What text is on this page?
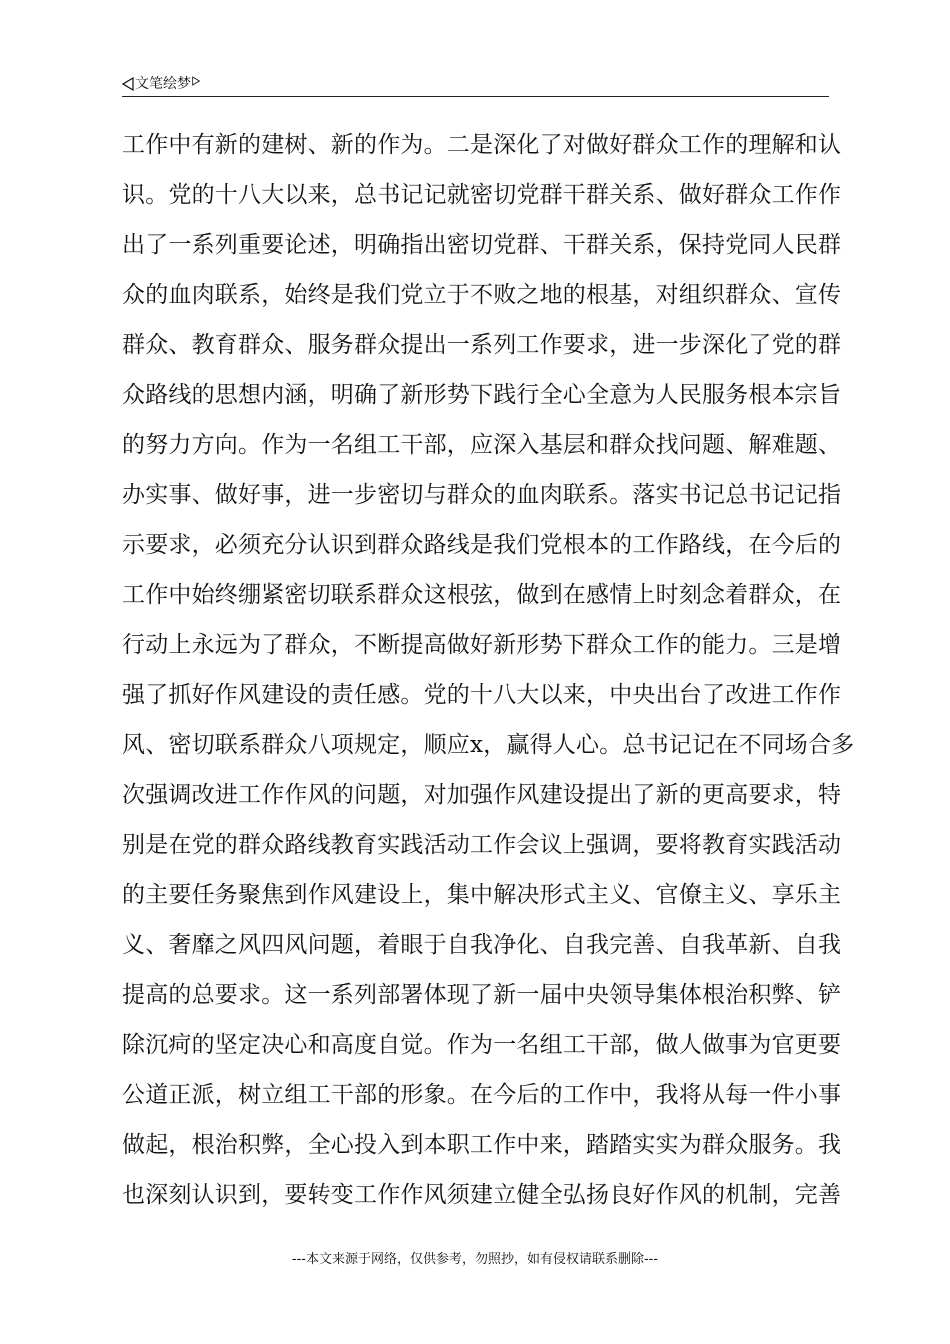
文笔绘梦
工作中有新的建树、新的作为。二是深化了对做好群众工作的理解和认
识。党的十八大以来，总书记记就密切党群干群关系、做好群众工作作
出了一系列重要论述，明确指出密切党群、干群关系，保持党同人民群
众的血肉联系，始终是我们党立于不败之地的根基，对组织群众、宣传
群众、教育群众、服务群众提出一系列工作要求，进一步深化了党的群
众路线的思想内涵，明确了新形势下践行全心全意为人民服务根本宗旨
的努力方向。作为一名组工干部，应深入基层和群众找问题、解难题、
办实事、做好事，进一步密切与群众的血肉联系。落实书记总书记记指
示要求，必须充分认识到群众路线是我们党根本的工作路线，在今后的
工作中始终绷紧密切联系群众这根弦，做到在感情上时刻念着群众，在
行动上永远为了群众，不断提高做好新形势下群众工作的能力。三是增
强了抓好作风建设的责任感。党的十八大以来，中央出台了改进工作作
风、密切联系群众八项规定，顺应x，赢得人心。总书记记在不同场合多
次强调改进工作作风的问题，对加强作风建设提出了新的更高要求，特
别是在党的群众路线教育实践活动工作会议上强调，要将教育实践活动
的主要任务聚焦到作风建设上，集中解决形式主义、官僚主义、享乐主
义、奢靡之风四风问题，着眼于自我净化、自我完善、自我革新、自我
提高的总要求。这一系列部署体现了新一届中央领导集体根治积弊、铲
除沉疴的坚定决心和高度自觉。作为一名组工干部，做人做事为官更要
公道正派，树立组工干部的形象。在今后的工作中，我将从每一件小事
做起，根治积弊，全心投入到本职工作中来，踏踏实实为群众服务。我
也深刻认识到，要转变工作作风须建立健全弘扬良好作风的机制，完善
---本文来源于网络，仅供参考，勿照抄，如有侵权请联系删除---
